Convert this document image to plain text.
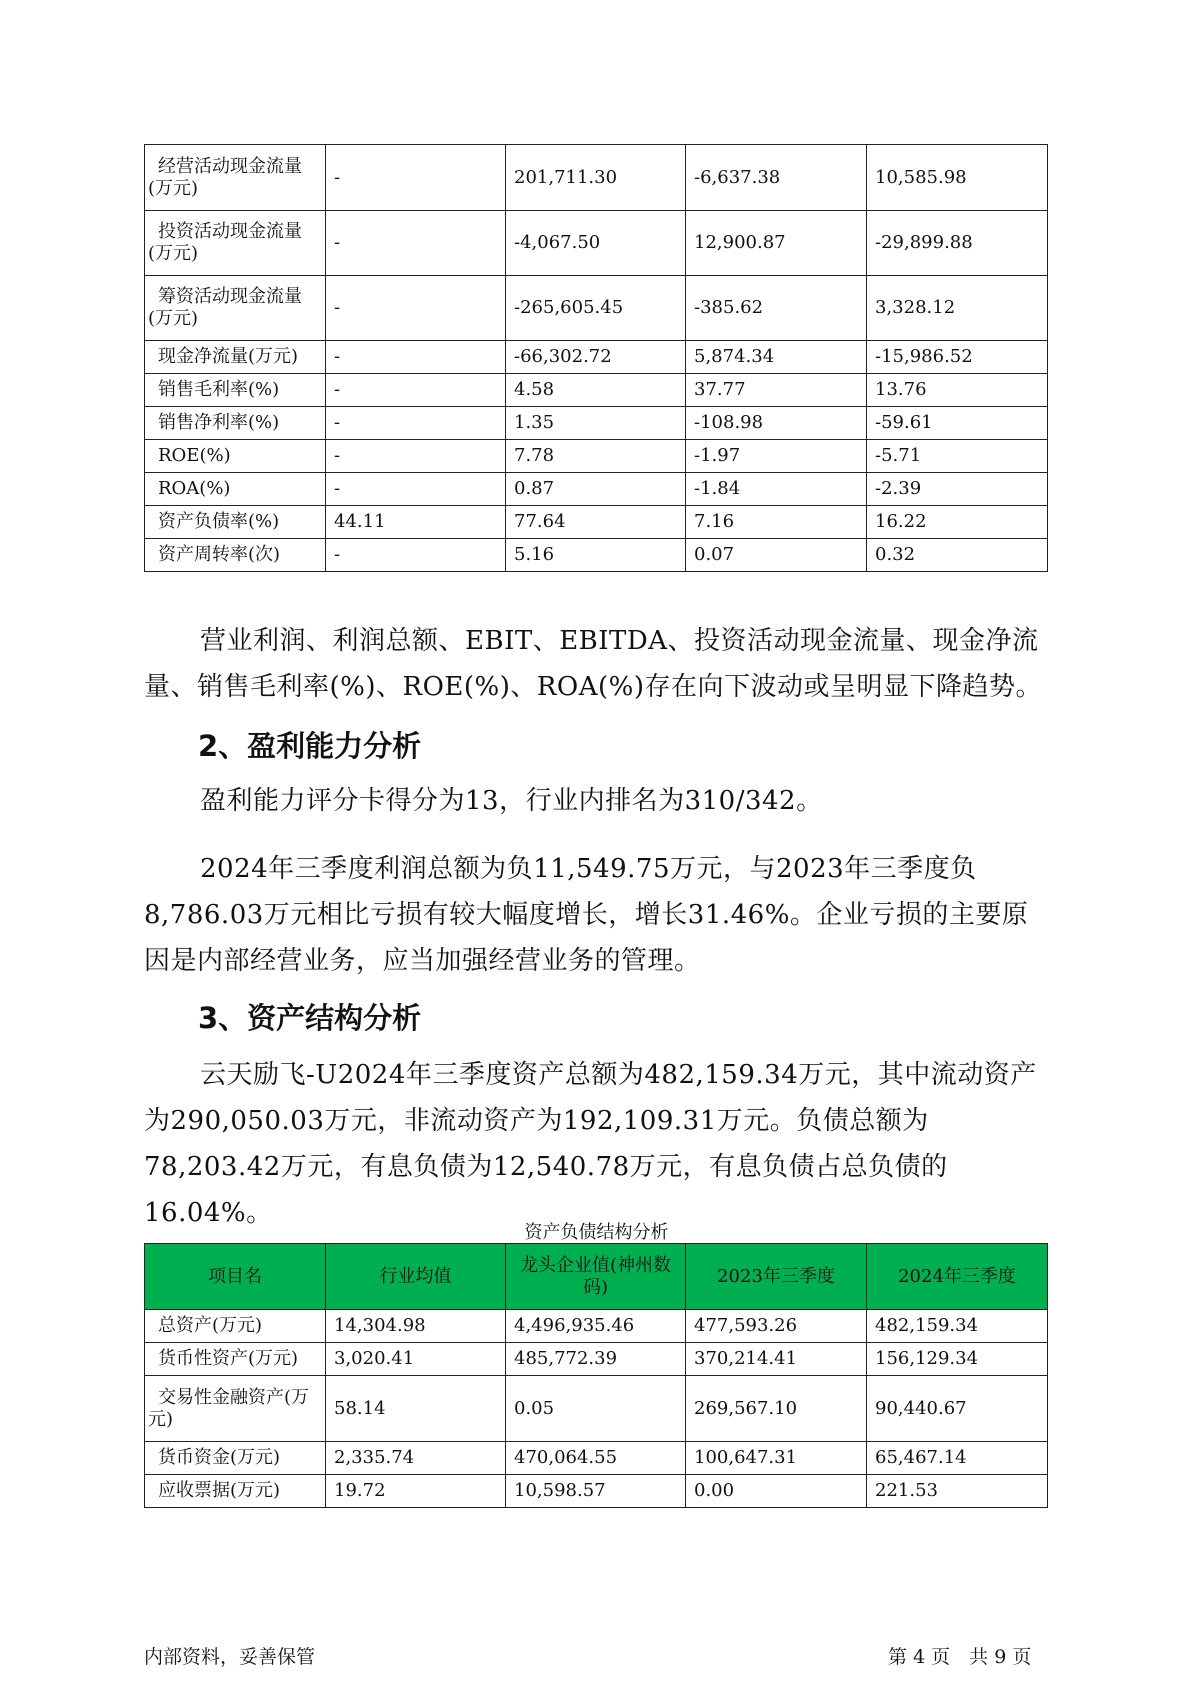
经营活动现金流量(万元)	-	201,711.30	-6,637.38	10,585.98
投资活动现金流量(万元)	-	-4,067.50	12,900.87	-29,899.88
筹资活动现金流量(万元)	-	-265,605.45	-385.62	3,328.12
现金净流量(万元)	-	-66,302.72	5,874.34	-15,986.52
销售毛利率(%)	-	4.58	37.77	13.76
销售净利率(%)	-	1.35	-108.98	-59.61
ROE(%)	-	7.78	-1.97	-5.71
ROA(%)	-	0.87	-1.84	-2.39
资产负债率(%)	44.11	77.64	7.16	16.22
资产周转率(次)	-	5.16	0.07	0.32

营业利润、利润总额、EBIT、EBITDA、投资活动现金流量、现金净流量、销售毛利率(%)、ROE(%)、ROA(%)存在向下波动或呈明显下降趋势。

2、盈利能力分析

盈利能力评分卡得分为13，行业内排名为310/342。

2024年三季度利润总额为负11,549.75万元，与2023年三季度负8,786.03万元相比亏损有较大幅度增长，增长31.46%。企业亏损的主要原因是内部经营业务，应当加强经营业务的管理。

3、资产结构分析

云天励飞-U2024年三季度资产总额为482,159.34万元，其中流动资产为290,050.03万元，非流动资产为192,109.31万元。负债总额为78,203.42万元，有息负债为12,540.78万元，有息负债占总负债的16.04%。

资产负债结构分析
项目名	行业均值	龙头企业值(神州数码)	2023年三季度	2024年三季度
总资产(万元)	14,304.98	4,496,935.46	477,593.26	482,159.34
货币性资产(万元)	3,020.41	485,772.39	370,214.41	156,129.34
交易性金融资产(万元)	58.14	0.05	269,567.10	90,440.67
货币资金(万元)	2,335.74	470,064.55	100,647.31	65,467.14
应收票据(万元)	19.72	10,598.57	0.00	221.53
内部资料，妥善保管	第 4 页　共 9 页
